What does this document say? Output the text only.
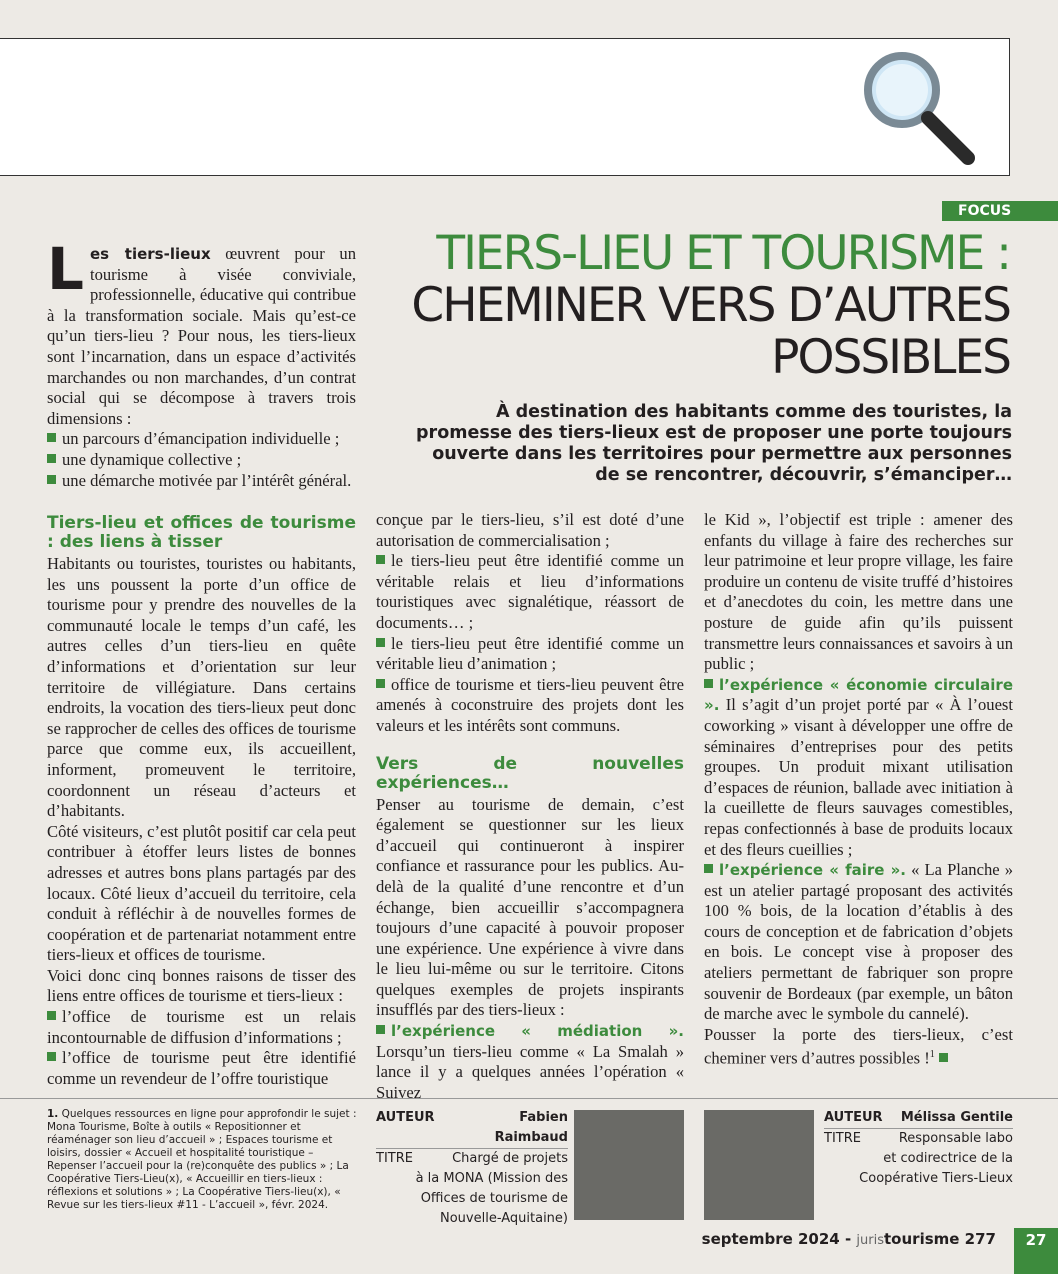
FOCUS
TIERS-LIEU ET TOURISME :
CHEMINER VERS D’AUTRES POSSIBLES

À destination des habitants comme des touristes, la promesse des tiers-lieux est de proposer une porte toujours ouverte dans les territoires pour permettre aux personnes de se rencontrer, découvrir, s’émanciper…

Les tiers-lieux œuvrent pour un tourisme à visée conviviale, professionnelle, éducative qui contribue à la transformation sociale. Mais qu’est-ce qu’un tiers-lieu ? Pour nous, les tiers-lieux sont l’incarnation, dans un espace d’activités marchandes ou non marchandes, d’un contrat social qui se décompose à travers trois dimensions :

un parcours d’émancipation individuelle ;

une dynamique collective ;

une démarche motivée par l’intérêt général.

Tiers-lieu et offices de tourisme : des liens à tisser

Habitants ou touristes, touristes ou habitants, les uns poussent la porte d’un office de tourisme pour y prendre des nouvelles de la communauté locale le temps d’un café, les autres celles d’un tiers-lieu en quête d’informations et d’orientation sur leur territoire de villégiature. Dans certains endroits, la vocation des tiers-lieux peut donc se rapprocher de celles des offices de tourisme parce que comme eux, ils accueillent, informent, promeuvent le territoire, coordonnent un réseau d’acteurs et d’habitants.

Côté visiteurs, c’est plutôt positif car cela peut contribuer à étoffer leurs listes de bonnes adresses et autres bons plans partagés par des locaux. Côté lieux d’accueil du territoire, cela conduit à réfléchir à de nouvelles formes de coopération et de partenariat notamment entre tiers-lieux et offices de tourisme.

Voici donc cinq bonnes raisons de tisser des liens entre offices de tourisme et tiers-lieux :

l’office de tourisme est un relais incontournable de diffusion d’informations ;

l’office de tourisme peut être identifié comme un revendeur de l’offre touristique

conçue par le tiers-lieu, s’il est doté d’une autorisation de commercialisation ;

le tiers-lieu peut être identifié comme un véritable relais et lieu d’informations touristiques avec signalétique, réassort de documents… ;

le tiers-lieu peut être identifié comme un véritable lieu d’animation ;

office de tourisme et tiers-lieu peuvent être amenés à coconstruire des projets dont les valeurs et les intérêts sont communs.

Vers de nouvelles expériences…

Penser au tourisme de demain, c’est également se questionner sur les lieux d’accueil qui continueront à inspirer confiance et rassurance pour les publics. Au-delà de la qualité d’une rencontre et d’un échange, bien accueillir s’accompagnera toujours d’une capacité à pouvoir proposer une expérience. Une expérience à vivre dans le lieu lui-même ou sur le territoire. Citons quelques exemples de projets inspirants insufflés par des tiers-lieux :

l’expérience « médiation ». Lorsqu’un tiers-lieu comme « La Smalah » lance il y a quelques années l’opération « Suivez

le Kid », l’objectif est triple : amener des enfants du village à faire des recherches sur leur patrimoine et leur propre village, les faire produire un contenu de visite truffé d’histoires et d’anecdotes du coin, les mettre dans une posture de guide afin qu’ils puissent transmettre leurs connaissances et savoirs à un public ;

l’expérience « économie circulaire ». Il s’agit d’un projet porté par « À l’ouest coworking » visant à développer une offre de séminaires d’entreprises pour des petits groupes. Un produit mixant utilisation d’espaces de réunion, ballade avec initiation à la cueillette de fleurs sauvages comestibles, repas confectionnés à base de produits locaux et des fleurs cueillies ;

l’expérience « faire ». « La Planche » est un atelier partagé proposant des activités 100 % bois, de la location d’établis à des cours de conception et de fabrication d’objets en bois. Le concept vise à proposer des ateliers permettant de fabriquer son propre souvenir de Bordeaux (par exemple, un bâton de marche avec le symbole du cannelé).

Pousser la porte des tiers-lieux, c’est cheminer vers d’autres possibles !$^1$

1. Quelques ressources en ligne pour approfondir le sujet : Mona Tourisme, Boîte à outils « Repositionner et réaménager son lieu d’accueil » ; Espaces tourisme et loisirs, dossier « Accueil et hospitalité touristique – Repenser l’accueil pour la (re)conquête des publics » ; La Coopérative Tiers-Lieu(x), « Accueillir en tiers-lieux : réflexions et solutions » ; La Coopérative Tiers-lieu(x), « Revue sur les tiers-lieux #11 - L’accueil », févr. 2024.
AUTEUR	Fabien Raimbaud
TITRE	Chargé de projets
à la MONA (Mission des Offices de tourisme de Nouvelle-Aquitaine)
AUTEUR	Mélissa Gentile
TITRE	Responsable labo
et codirectrice de la Coopérative Tiers-Lieux
septembre 2024 - juristourisme 277	27
